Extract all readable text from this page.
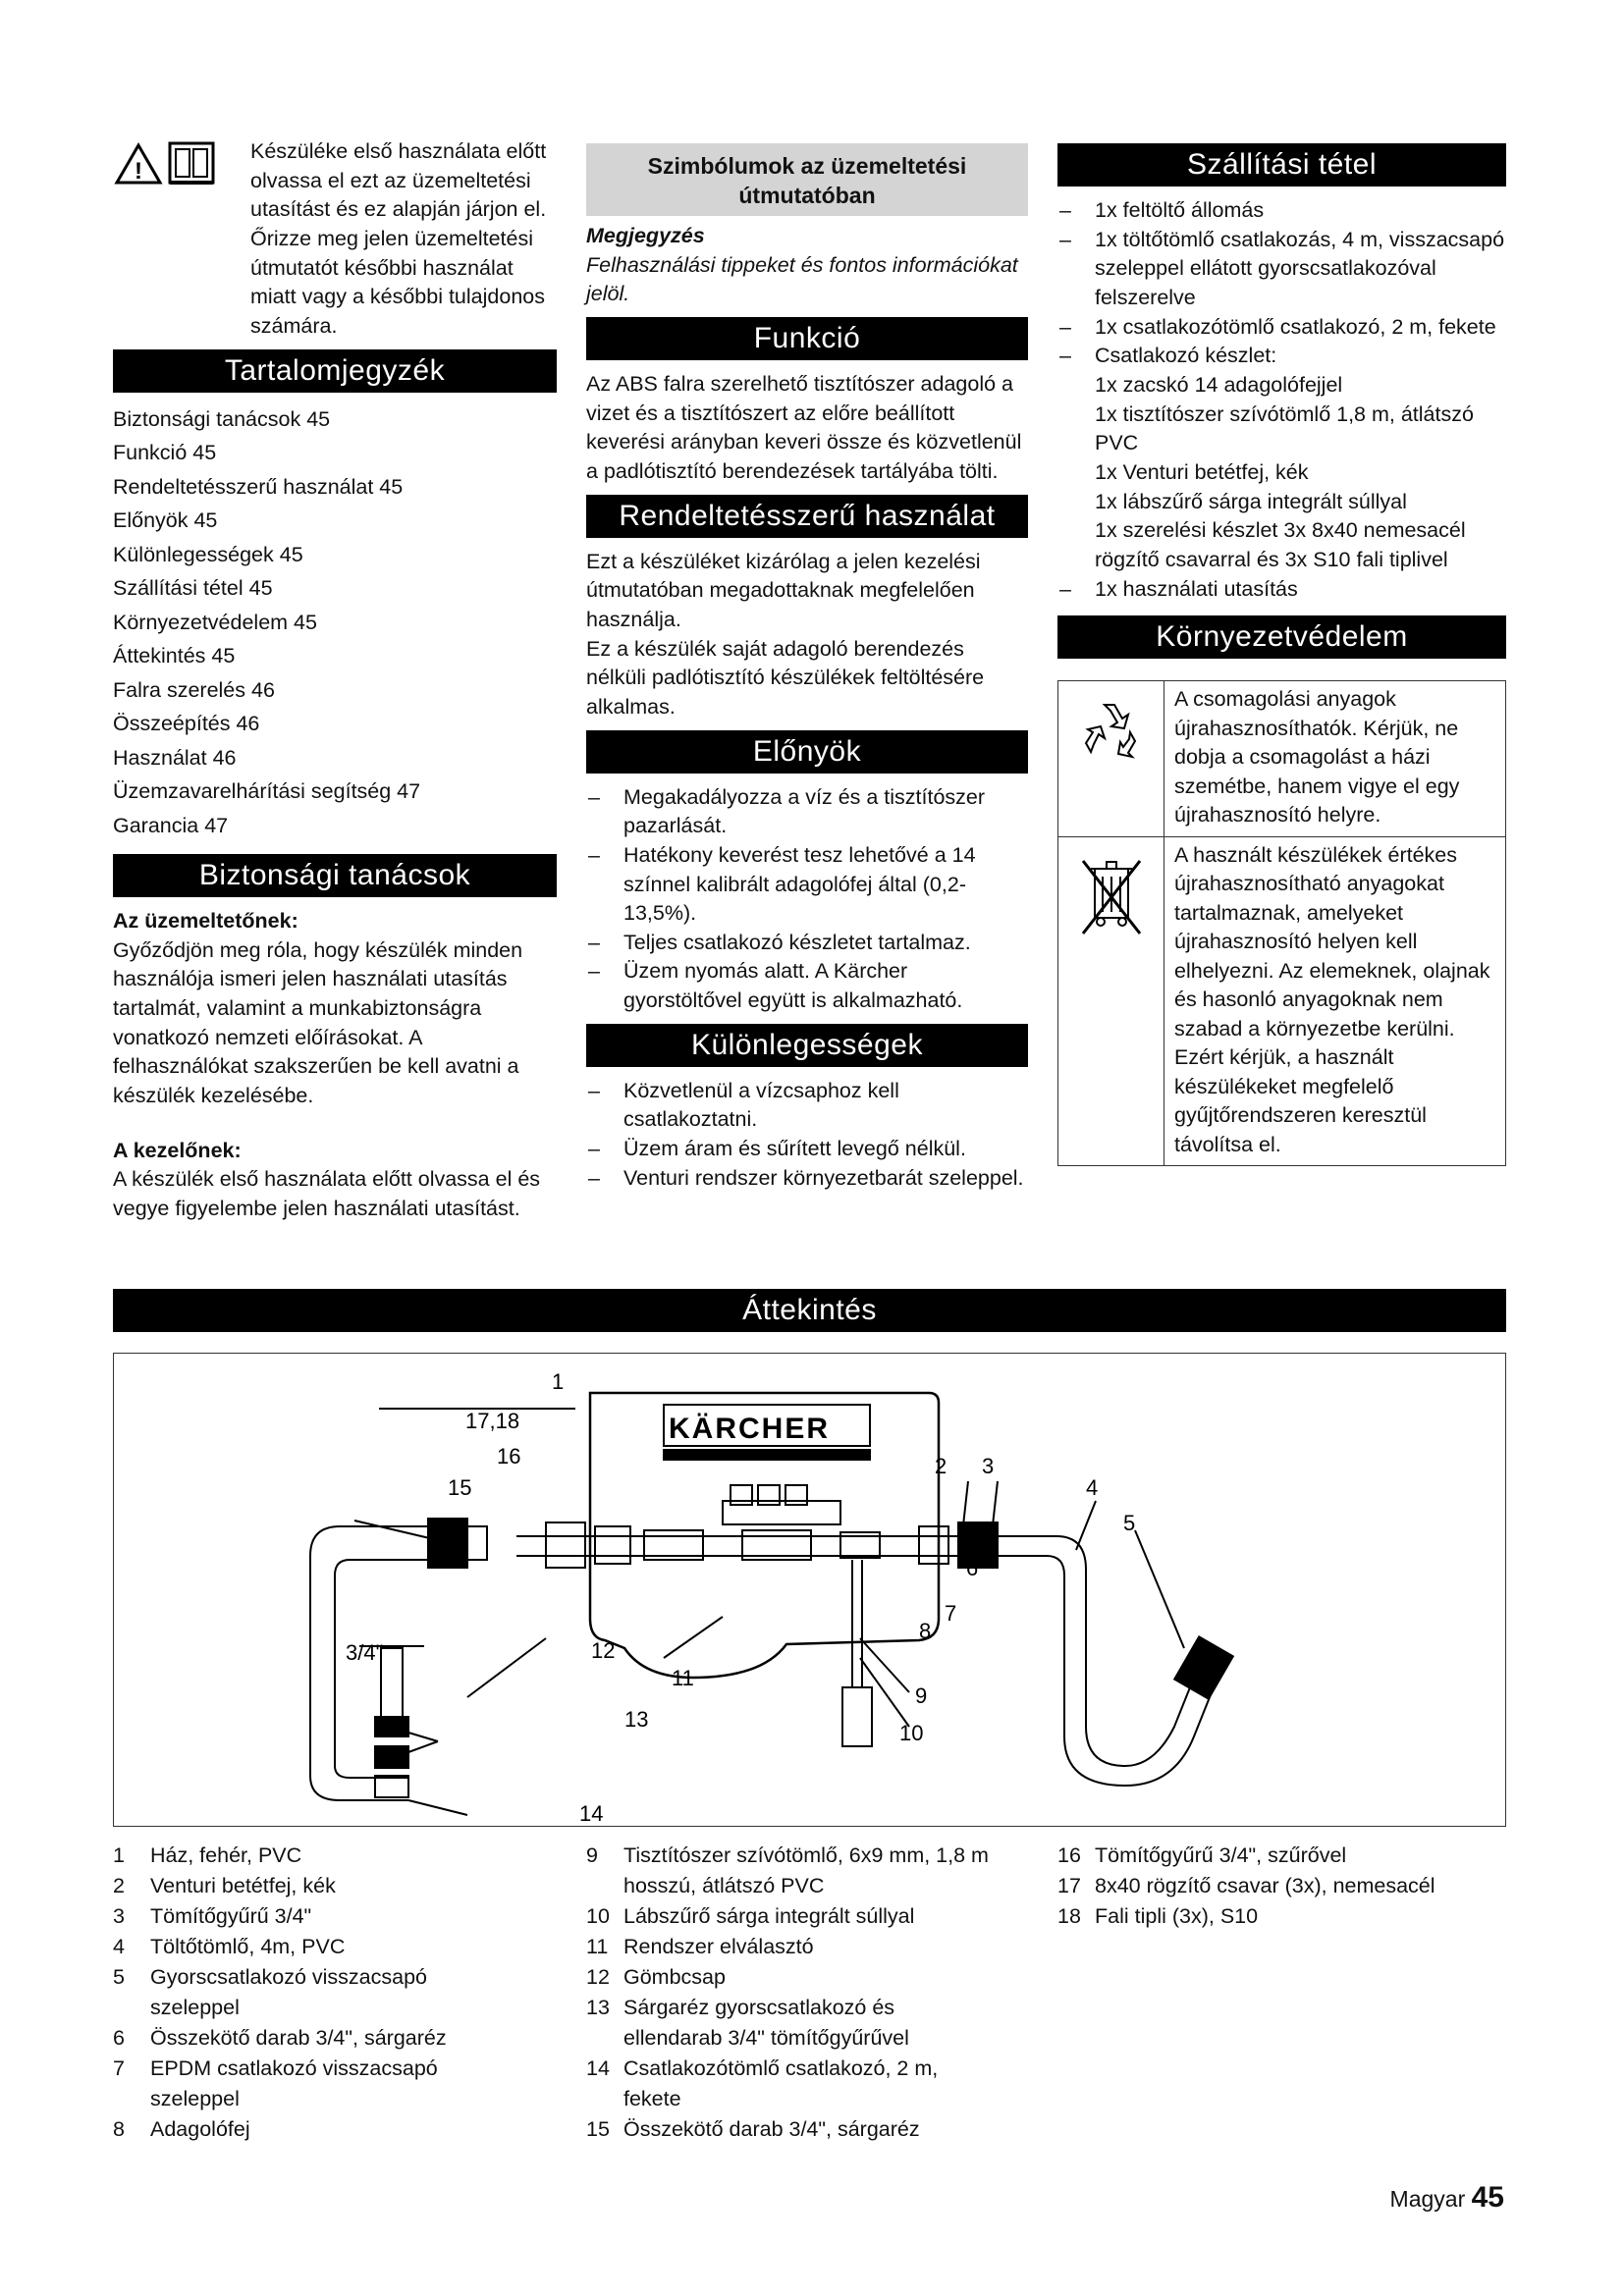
!

Készüléke első használata előtt olvassa el ezt az üzemeltetési utasítást és ez alapján járjon el. Őrizze meg jelen üzemeltetési útmutatót későbbi használat miatt vagy a későbbi tulajdonos számára.

Tartalomjegyzék
Biztonsági tanácsok 45
Funkció 45
Rendeltetésszerű használat 45
Előnyök 45
Különlegességek 45
Szállítási tétel 45
Környezetvédelem 45
Áttekintés 45
Falra szerelés 46
Összeépítés 46
Használat 46
Üzemzavarelhárítási segítség 47
Garancia 47
Biztonsági tanácsok
Az üzemeltetőnek:

Győződjön meg róla, hogy készülék minden használója ismeri jelen használati utasítás tartalmát, valamint a munkabiztonságra vonatkozó nemzeti előírásokat. A felhasználókat szakszerűen be kell avatni a készülék kezelésébe.

A kezelőnek:

A készülék első használata előtt olvassa el és vegye figyelembe jelen használati utasítást.

Szimbólumok az üzemeltetési útmutatóban
Megjegyzés

Felhasználási tippeket és fontos információkat jelöl.

Funkció

Az ABS falra szerelhető tisztítószer adagoló a vizet és a tisztítószert az előre beállított keverési arányban keveri össze és közvetlenül a padlótisztító berendezések tartályába tölti.

Rendeltetésszerű használat

Ezt a készüléket kizárólag a jelen kezelési útmutatóban megadottaknak megfelelően használja.

Ez a készülék saját adagoló berendezés nélküli padlótisztító készülékek feltöltésére alkalmas.

Előnyök
– Megakadályozza a víz és a tisztítószer pazarlását.
– Hatékony keverést tesz lehetővé a 14 színnel kalibrált adagolófej által (0,2-13,5%).
– Teljes csatlakozó készletet tartalmaz.
– Üzem nyomás alatt. A Kärcher gyorstöltővel együtt is alkalmazható.
Különlegességek
– Közvetlenül a vízcsaphoz kell csatlakoztatni.
– Üzem áram és sűrített levegő nélkül.
– Venturi rendszer környezetbarát szeleppel.
Szállítási tétel
– 1x feltöltő állomás
– 1x töltőtömlő csatlakozás, 4 m, visszacsapó szeleppel ellátott gyorscsatlakozóval felszerelve
– 1x csatlakozótömlő csatlakozó, 2 m, fekete
– Csatlakozó készlet:
1x zacskó 14 adagolófejjel
1x tisztítószer szívótömlő 1,8 m, átlátszó PVC
1x Venturi betétfej, kék
1x lábszűrő sárga integrált súllyal
1x szerelési készlet 3x 8x40 nemesacél rögzítő csavarral és 3x S10 fali tiplivel
– 1x használati utasítás
Környezetvédelem
A csomagolási anyagok újrahasznosíthatók. Kérjük, ne dobja a csomagolást a házi szemétbe, hanem vigye el egy újrahasznosító helyre.
A használt készülékek értékes újrahasznosítható anyagokat tartalmaznak, amelyeket újrahasznosító helyen kell elhelyezni. Az elemeknek, olajnak és hasonló anyagoknak nem szabad a környezetbe kerülni. Ezért kérjük, a használt készülékeket megfelelő gyűjtőrendszeren keresztül távolítsa el.
Áttekintés
KÄRCHER
1
17,18
16
15
2 3
4
5
6
7
8
9
10
11
12
13
14
3/4"
1	Ház, fehér, PVC
2	Venturi betétfej, kék
3	Tömítőgyűrű 3/4"
4	Töltőtömlő, 4m, PVC
5	Gyorscsatlakozó visszacsapó szeleppel
6	Összekötő darab 3/4", sárgaréz
7	EPDM csatlakozó visszacsapó szeleppel
8	Adagolófej
9	Tisztítószer szívótömlő, 6x9 mm, 1,8 m hosszú, átlátszó PVC
10 Lábszűrő sárga integrált súllyal
11 Rendszer elválasztó
12 Gömbcsap
13 Sárgaréz gyorscsatlakozó és ellendarab 3/4" tömítőgyűrűvel
14 Csatlakozótömlő csatlakozó, 2 m, fekete
15 Összekötő darab 3/4", sárgaréz
16 Tömítőgyűrű 3/4", szűrővel
17 8x40 rögzítő csavar (3x), nemesacél
18 Fali tipli (3x), S10
Magyar 45
